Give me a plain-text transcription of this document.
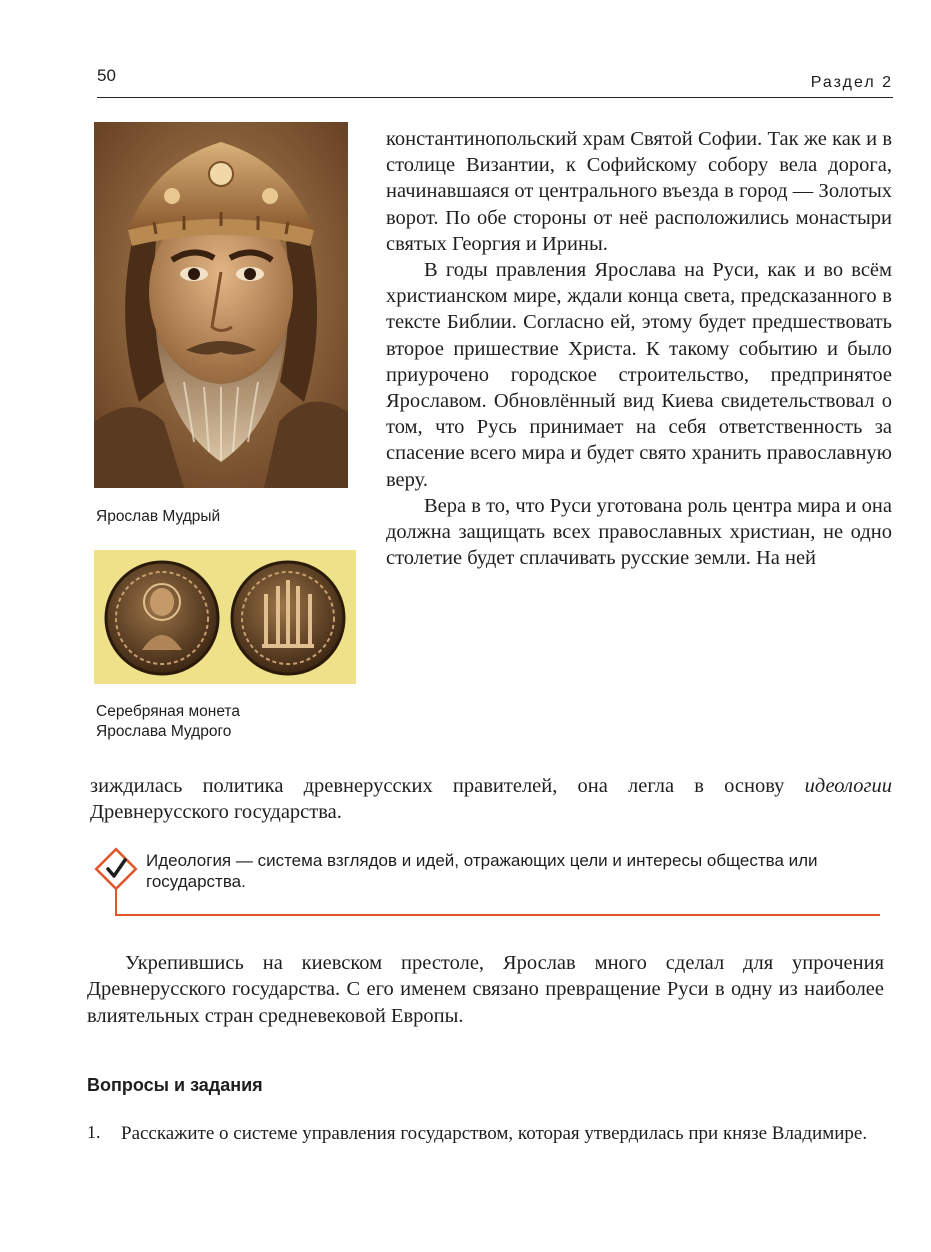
50	Раздел 2
Ярослав Мудрый
Серебряная монета
Ярослава Мудрого

константинопольский храм Святой Софии. Так же как и в столице Византии, к Софийскому собору вела дорога, начинавшаяся от центрального въезда в город — Золотых ворот. По обе стороны от неё расположились монастыри святых Георгия и Ирины.

В годы правления Ярослава на Руси, как и во всём христианском мире, ждали конца света, предсказанного в тексте Библии. Согласно ей, этому будет предшествовать второе пришествие Христа. К такому событию и было приурочено городское строительство, предпринятое Ярославом. Обновлённый вид Киева свидетельствовал о том, что Русь принимает на себя ответственность за спасение всего мира и будет свято хранить православную веру.

Вера в то, что Руси уготована роль центра мира и она должна защищать всех православных христиан, не одно столетие будет сплачивать русские земли. На ней

зиждилась политика древнерусских правителей, она легла в основу идеологии Древнерусского государства.

Идеология — система взглядов и идей, отражающих цели и интересы общества или государства.

Укрепившись на киевском престоле, Ярослав много сделал для упрочения Древнерусского государства. С его именем связано превращение Руси в одну из наиболее влиятельных стран средневековой Европы.

Вопросы и задания
1. Расскажите о системе управления государством, которая утвердилась при князе Владимире.
